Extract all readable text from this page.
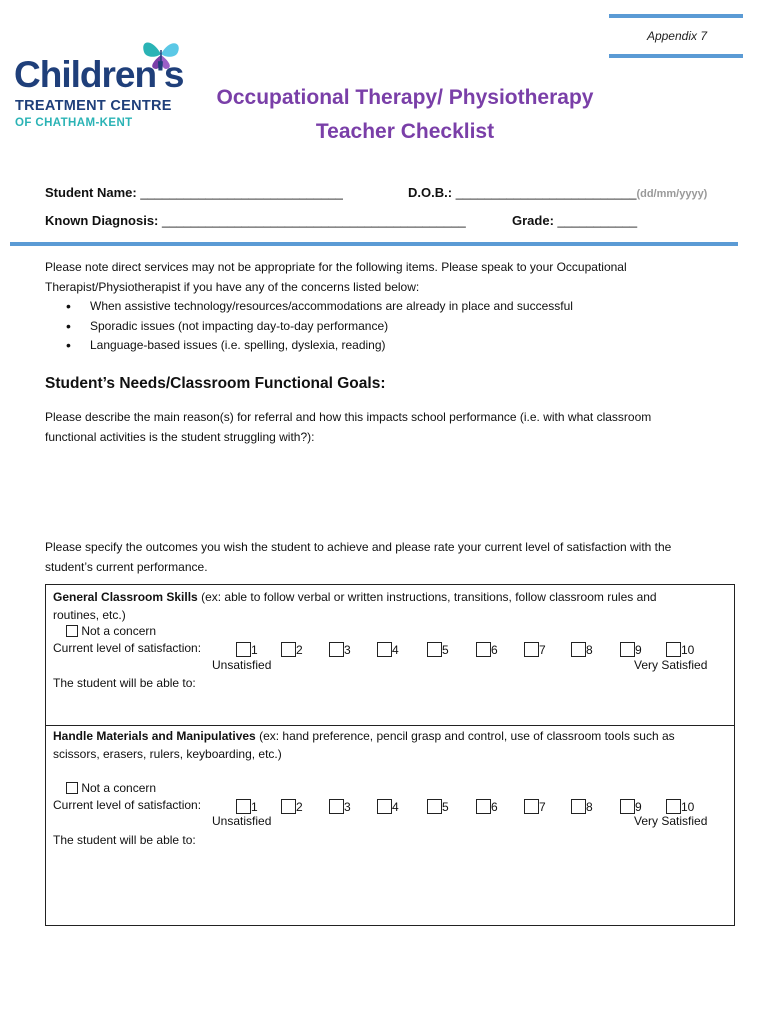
Appendix 7
Children's
TREATMENT CENTRE
OF CHATHAM-KENT
Occupational Therapy/ Physiotherapy
Teacher Checklist
Student Name: ____________________________	D.O.B.: _________________________(dd/mm/yyyy)
Known Diagnosis: __________________________________________	Grade: ___________
Please note direct services may not be appropriate for the following items. Please speak to your Occupational
Therapist/Physiotherapist if you have any of the concerns listed below:
• When assistive technology/resources/accommodations are already in place and successful
• Sporadic issues (not impacting day-to-day performance)
• Language-based issues (i.e. spelling, dyslexia, reading)
Student’s Needs/Classroom Functional Goals:
Please describe the main reason(s) for referral and how this impacts school performance (i.e. with what classroom
functional activities is the student struggling with?):
Please specify the outcomes you wish the student to achieve and please rate your current level of satisfaction with the
student’s current performance.
General Classroom Skills (ex: able to follow verbal or written instructions, transitions, follow classroom rules and
routines, etc.)
Not a concern
Current level of satisfaction:	1	2	3	4	5	6	7	8	9	10
Unsatisfied	Very Satisfied
The student will be able to:
Handle Materials and Manipulatives (ex: hand preference, pencil grasp and control, use of classroom tools such as
scissors, erasers, rulers, keyboarding, etc.)
Not a concern
Current level of satisfaction:	1	2	3	4	5	6	7	8	9	10
Unsatisfied	Very Satisfied
The student will be able to:
